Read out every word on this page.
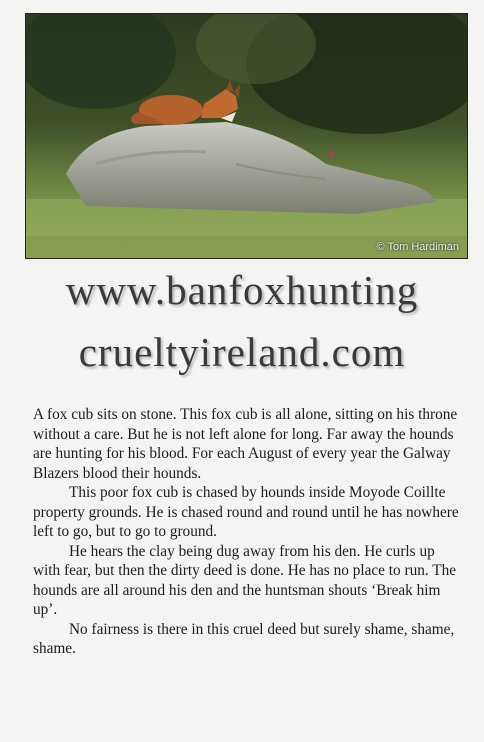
© Tom Hardiman
www.banfoxhunting
crueltyireland.com

A fox cub sits on stone. This fox cub is all alone, sitting on his throne without a care. But he is not left alone for long. Far away the hounds are hunting for his blood. For each August of every year the Galway Blazers blood their hounds.

This poor fox cub is chased by hounds inside Moyode Coillte property grounds. He is chased round and round until he has nowhere left to go, but to go to ground.

He hears the clay being dug away from his den. He curls up with fear, but then the dirty deed is done. He has no place to run. The hounds are all around his den and the huntsman shouts ‘Break him up’.

No fairness is there in this cruel deed but surely shame, shame, shame.
